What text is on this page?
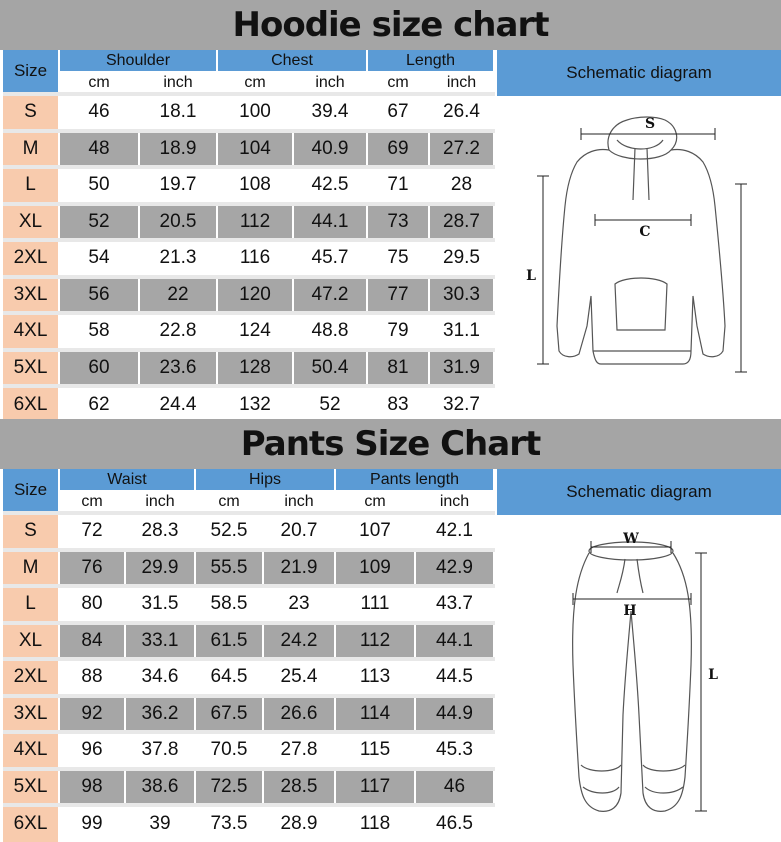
Hoodie size chart
Size	Shoulder		Chest		Length	
	cm	inch	cm	inch	cm	inch
S	46	18.1	100	39.4	67	26.4
M	48	18.9	104	40.9	69	27.2
L	50	19.7	108	42.5	71	28
XL	52	20.5	112	44.1	73	28.7
2XL	54	21.3	116	45.7	75	29.5
3XL	56	22	120	47.2	77	30.3
4XL	58	22.8	124	48.8	79	31.1
5XL	60	23.6	128	50.4	81	31.9
6XL	62	24.4	132	52	83	32.7
Schematic diagram
S
C
L
Pants Size Chart
Size	Waist		Hips		Pants length	
	cm	inch	cm	inch	cm	inch
S	72	28.3	52.5	20.7	107	42.1
M	76	29.9	55.5	21.9	109	42.9
L	80	31.5	58.5	23	111	43.7
XL	84	33.1	61.5	24.2	112	44.1
2XL	88	34.6	64.5	25.4	113	44.5
3XL	92	36.2	67.5	26.6	114	44.9
4XL	96	37.8	70.5	27.8	115	45.3
5XL	98	38.6	72.5	28.5	117	46
6XL	99	39	73.5	28.9	118	46.5
Schematic diagram
W
H
L
